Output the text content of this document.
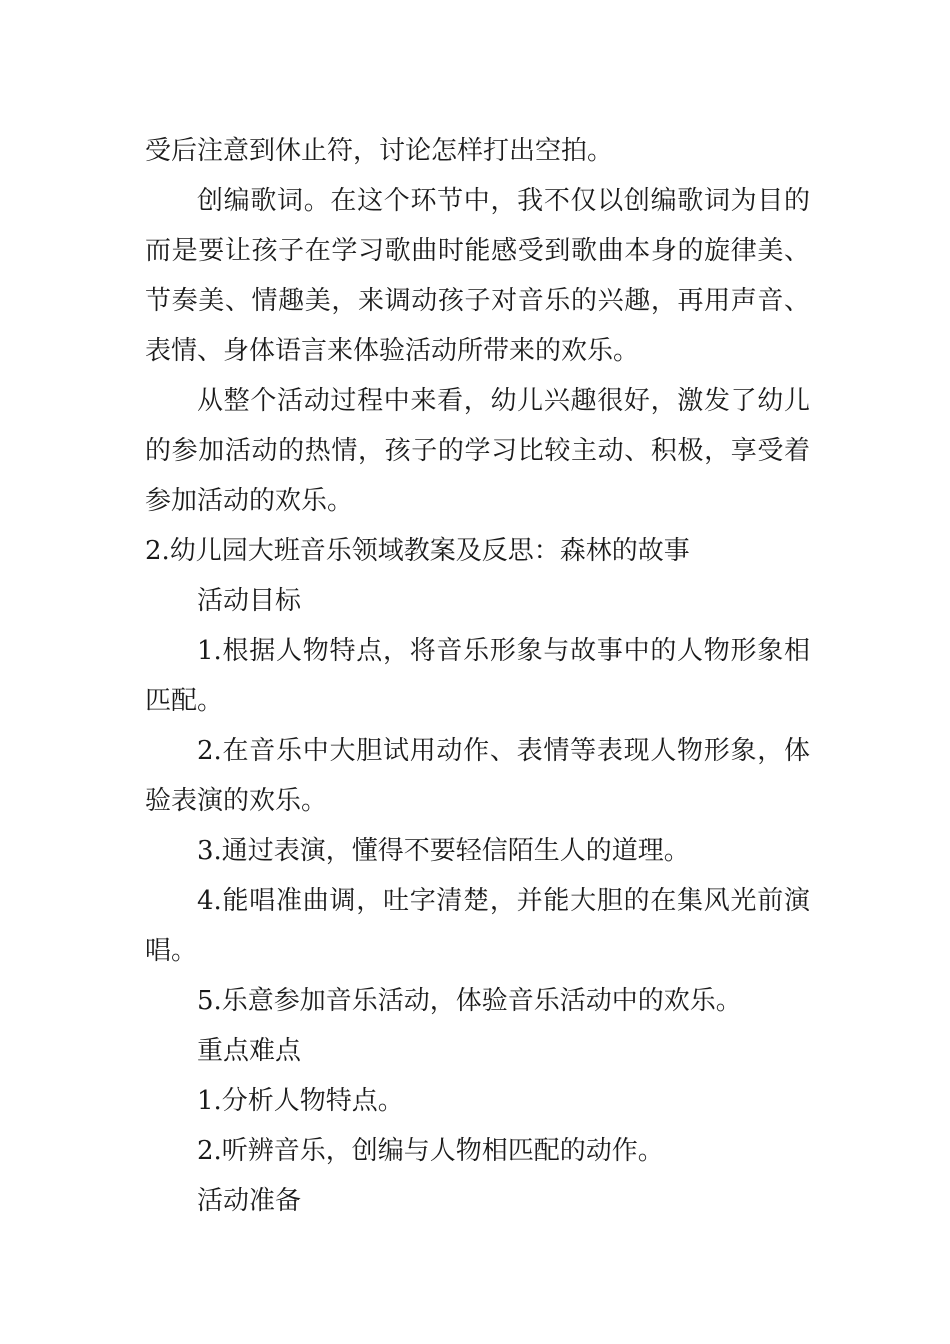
受后注意到休止符，讨论怎样打出空拍。

创编歌词。在这个环节中，我不仅以创编歌词为目的而是要让孩子在学习歌曲时能感受到歌曲本身的旋律美、节奏美、情趣美，来调动孩子对音乐的兴趣，再用声音、表情、身体语言来体验活动所带来的欢乐。

从整个活动过程中来看，幼儿兴趣很好，激发了幼儿的参加活动的热情，孩子的学习比较主动、积极，享受着参加活动的欢乐。

2.幼儿园大班音乐领域教案及反思：森林的故事

活动目标

1.根据人物特点，将音乐形象与故事中的人物形象相匹配。

2.在音乐中大胆试用动作、表情等表现人物形象，体验表演的欢乐。

3.通过表演，懂得不要轻信陌生人的道理。

4.能唱准曲调，吐字清楚，并能大胆的在集风光前演唱。

5.乐意参加音乐活动，体验音乐活动中的欢乐。

重点难点

1.分析人物特点。

2.听辨音乐，创编与人物相匹配的动作。

活动准备
